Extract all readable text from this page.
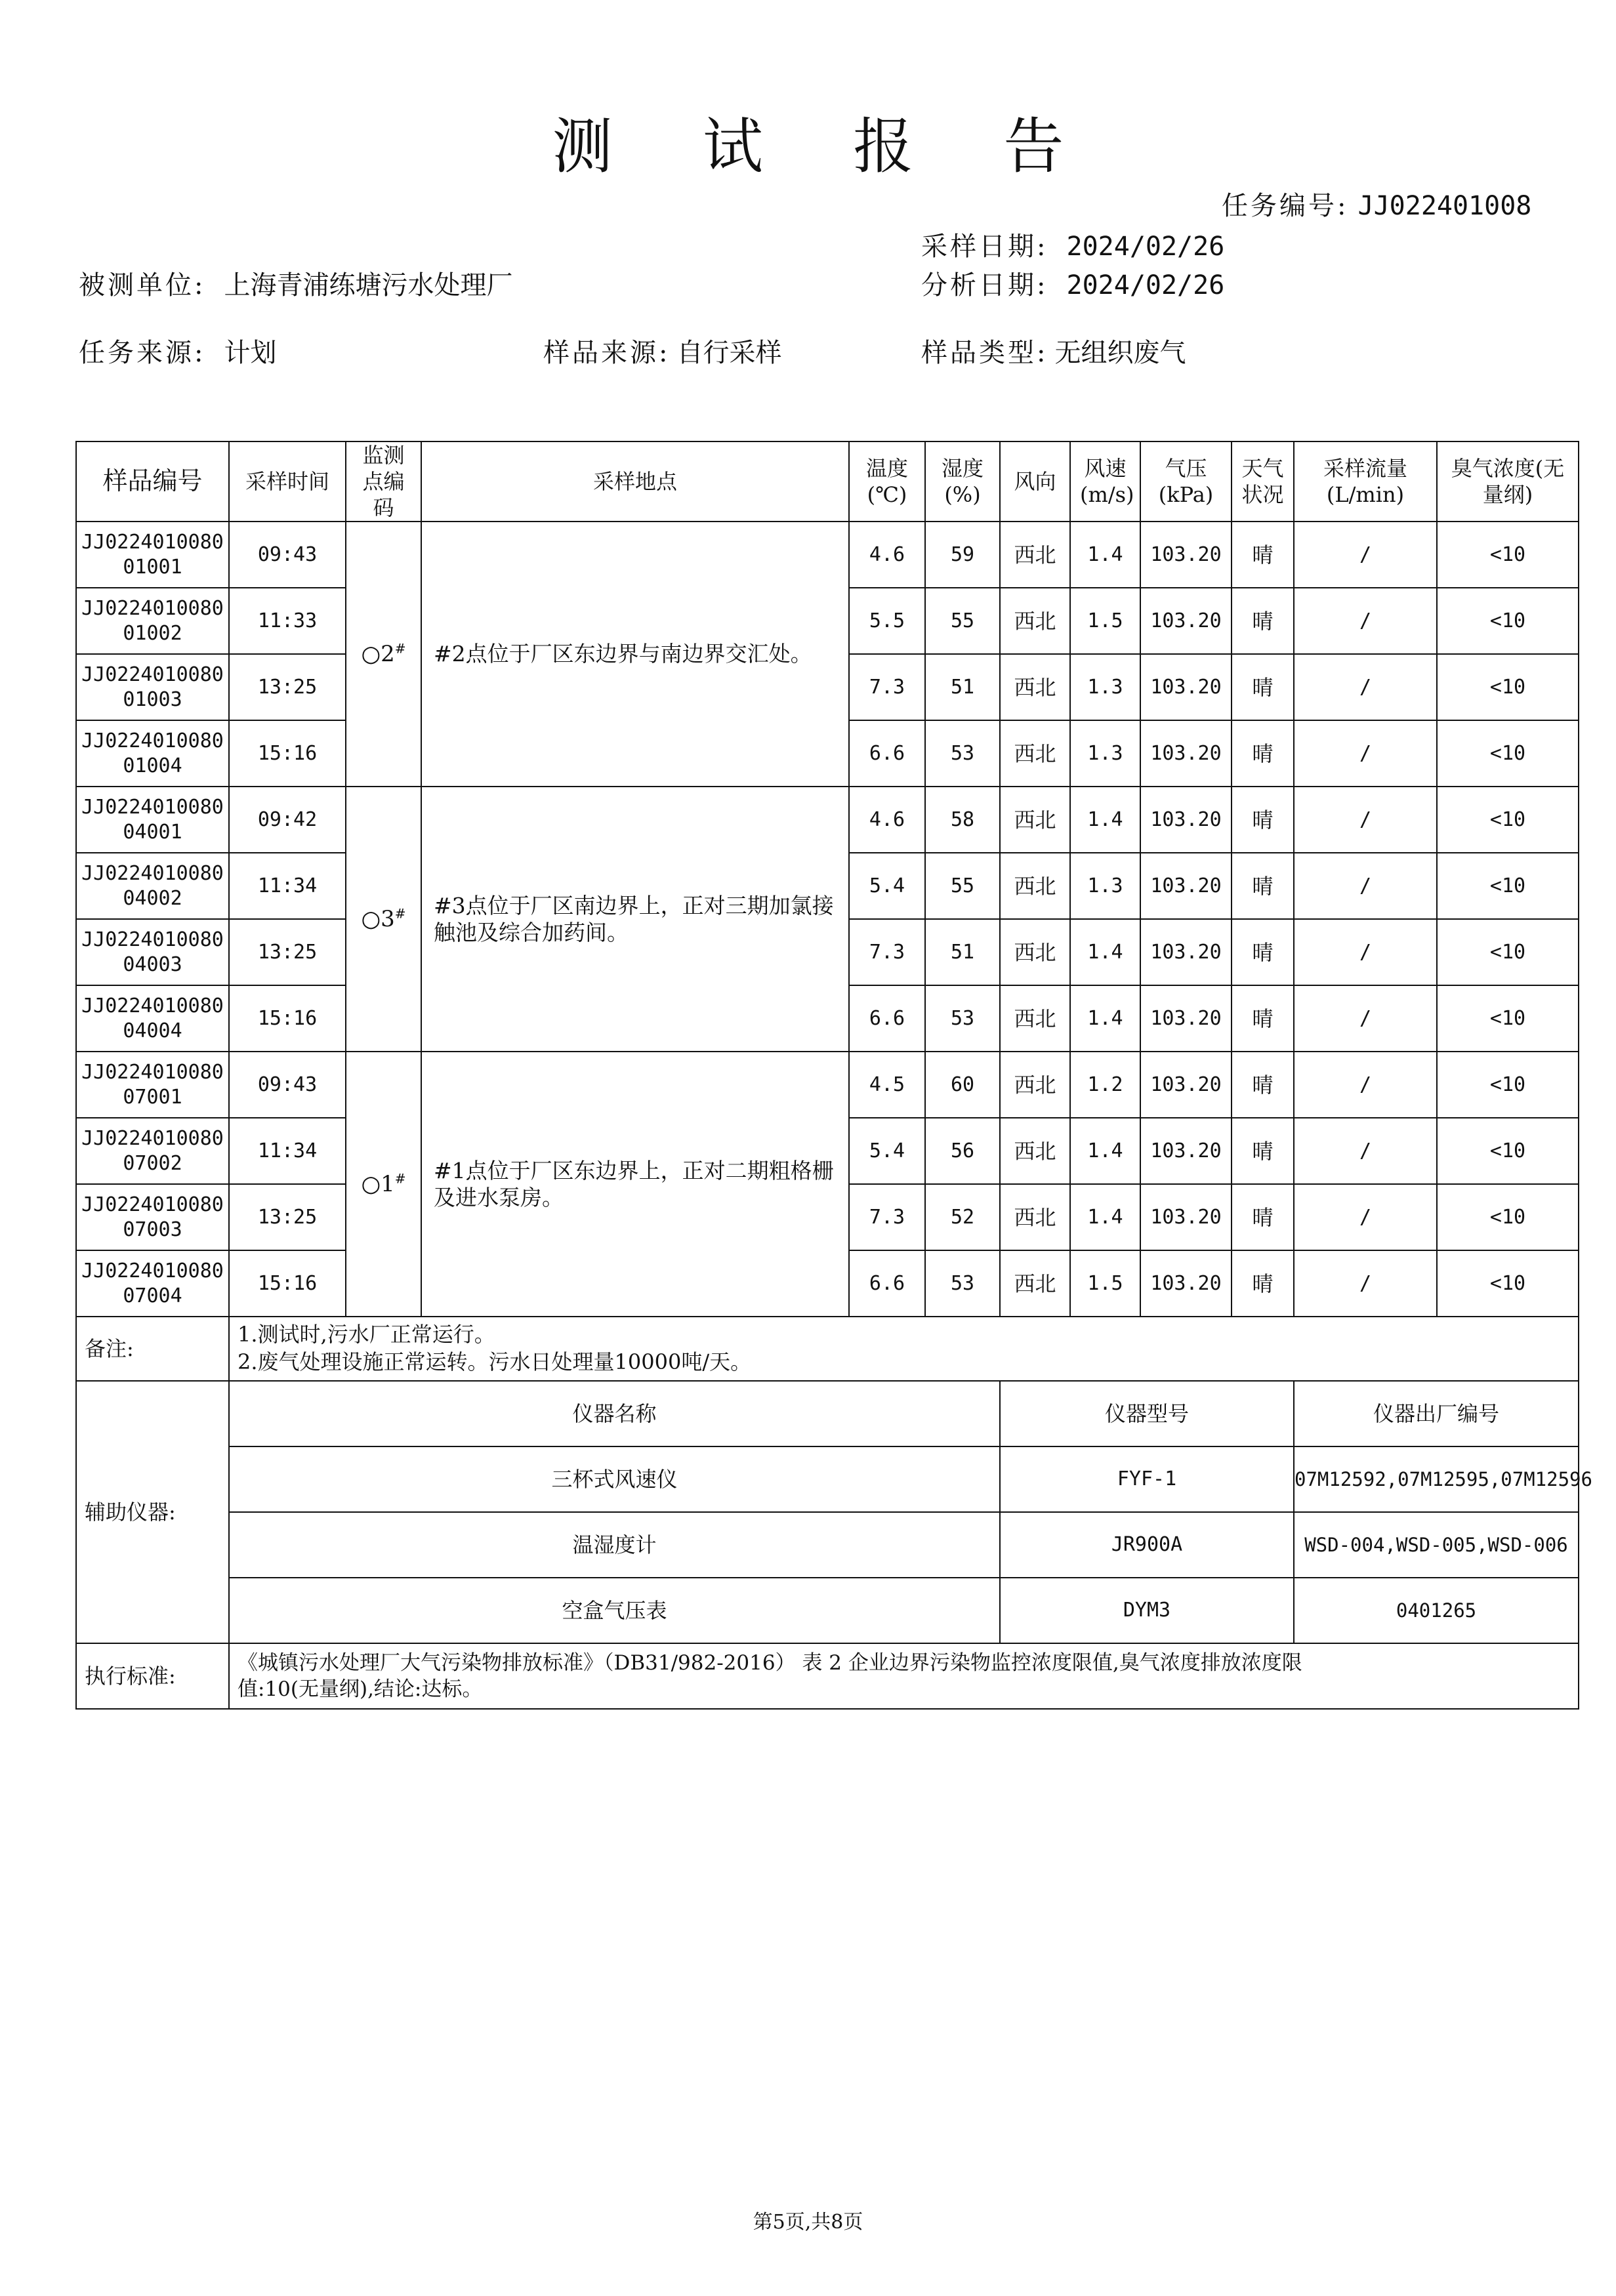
测 试 报 告
任务编号: JJ022401008
采样日期: 2024/02/26
分析日期: 2024/02/26
被测单位: 上海青浦练塘污水处理厂
任务来源: 计划	样品来源: 自行采样	样品类型: 无组织废气
样品编号	采样时间	监测点编码	采样地点	温度(℃)	湿度(%)	风向	风速(m/s)	气压(kPa)	天气状况	采样流量(L/min)	臭气浓度(无量纲)

JJ0224010080
01001	09:43	○2#	#2点位于厂区东边界与南边界交汇处。	4.6	59	西北	1.4	103.20	晴	/	<10

JJ0224010080
01002	11:33			5.5	55	西北	1.5	103.20	晴	/	<10

JJ0224010080
01003	13:25			7.3	51	西北	1.3	103.20	晴	/	<10

JJ0224010080
01004	15:16			6.6	53	西北	1.3	103.20	晴	/	<10

JJ0224010080
04001	09:42	○3#	#3点位于厂区南边界上，正对三期加氯接触池及综合加药间。	4.6	58	西北	1.4	103.20	晴	/	<10

JJ0224010080
04002	11:34			5.4	55	西北	1.3	103.20	晴	/	<10

JJ0224010080
04003	13:25			7.3	51	西北	1.4	103.20	晴	/	<10

JJ0224010080
04004	15:16			6.6	53	西北	1.4	103.20	晴	/	<10

JJ0224010080
07001	09:43	○1#	#1点位于厂区东边界上，正对二期粗格栅及进水泵房。	4.5	60	西北	1.2	103.20	晴	/	<10

JJ0224010080
07002	11:34			5.4	56	西北	1.4	103.20	晴	/	<10

JJ0224010080
07003	13:25			7.3	52	西北	1.4	103.20	晴	/	<10

JJ0224010080
07004	15:16			6.6	53	西北	1.5	103.20	晴	/	<10
备注:	1.测试时,污水厂正常运行。
2.废气处理设施正常运转。污水日处理量10000吨/天。										

辅助仪器:	仪器名称					仪器型号				仪器出厂编号	
	三杯式风速仪					FYF-1				07M12592,07M12595,07M12596	
	温湿度计					JR900A				WSD-004,WSD-005,WSD-006	
	空盒气压表					DYM3				0401265	
执行标准:	《城镇污水处理厂大气污染物排放标准》（DB31/982-2016） 表 2 企业边界污染物监控浓度限值,臭气浓度排放浓度限
值:10(无量纲),结论:达标。										
第5页,共8页
